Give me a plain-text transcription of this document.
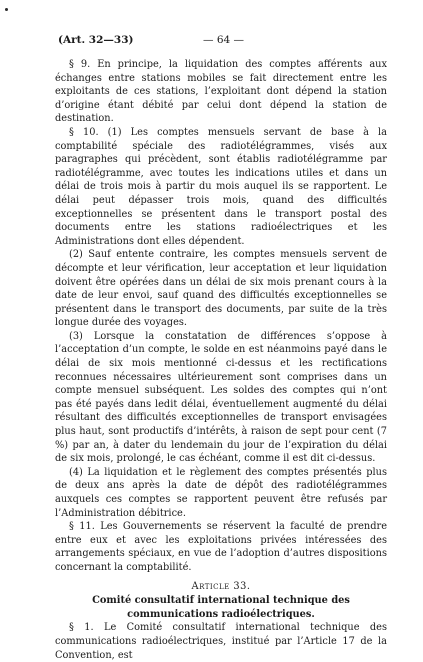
(Art. 32—33)	— 64 —

§ 9. En principe, la liquidation des comptes afférents aux échanges entre stations mobiles se fait directement entre les exploitants de ces stations, l’exploitant dont dépend la station d’origine étant débité par celui dont dépend la station de destination.

§ 10. (1) Les comptes mensuels servant de base à la comptabilité spéciale des radiotélégrammes, visés aux paragraphes qui précèdent, sont établis radiotélégramme par radiotélégramme, avec toutes les indications utiles et dans un délai de trois mois à partir du mois auquel ils se rapportent. Le délai peut dépasser trois mois, quand des difficultés exceptionnelles se présentent dans le transport postal des documents entre les stations radioélectriques et les Administrations dont elles dépendent.

(2) Sauf entente contraire, les comptes mensuels servent de décompte et leur vérification, leur acceptation et leur liquidation doivent être opérées dans un délai de six mois prenant cours à la date de leur envoi, sauf quand des difficultés exceptionnelles se présentent dans le transport des documents, par suite de la très longue durée des voyages.

(3) Lorsque la constatation de différences s’oppose à l’acceptation d’un compte, le solde en est néanmoins payé dans le délai de six mois mentionné ci-dessus et les rectifications reconnues nécessaires ultérieurement sont comprises dans un compte mensuel subséquent. Les soldes des comptes qui n’ont pas été payés dans ledit délai, éventuellement augmenté du délai résultant des difficultés exceptionnelles de transport envisagées plus haut, sont productifs d’intérêts, à raison de sept pour cent (7 %) par an, à dater du lendemain du jour de l’expiration du délai de six mois, prolongé, le cas échéant, comme il est dit ci-dessus.

(4) La liquidation et le règlement des comptes présentés plus de deux ans après la date de dépôt des radiotélégrammes auxquels ces comptes se rapportent peuvent être refusés par l’Administration débitrice.

§ 11. Les Gouvernements se réservent la faculté de prendre entre eux et avec les exploitations privées intéressées des arrangements spéciaux, en vue de l’adoption d’autres dispositions concernant la comptabilité.

Article 33.

Comité consultatif international technique des communications radioélectriques.

§ 1. Le Comité consultatif international technique des communications radioélectriques, institué par l’Article 17 de la Convention, est
